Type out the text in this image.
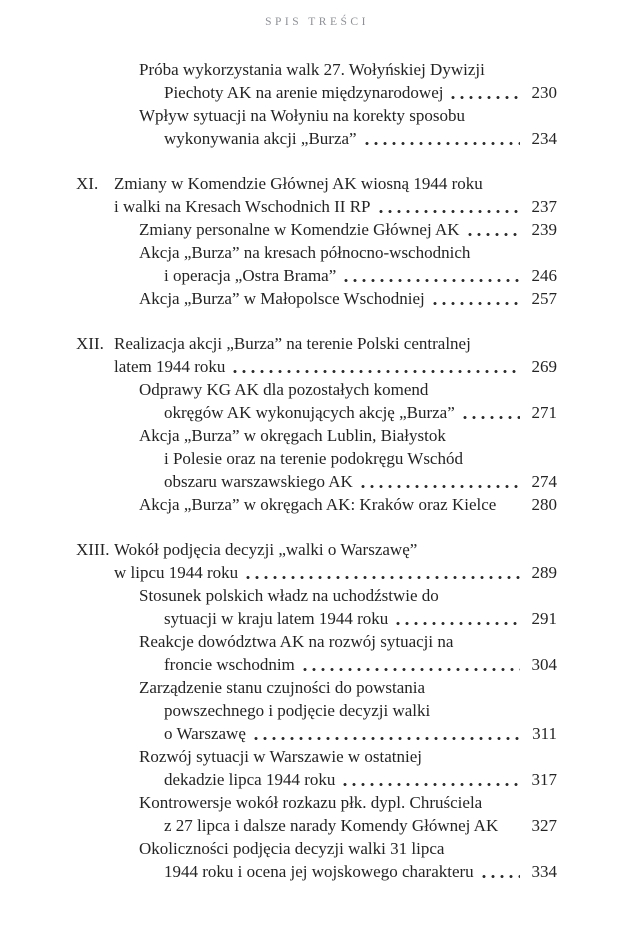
SPIS TREŚCI
Próba wykorzystania walk 27. Wołyńskiej Dywizji
Piechoty AK na arenie międzynarodowej	230
Wpływ sytuacji na Wołyniu na korekty sposobu
wykonywania akcji „Burza”	234
XI. Zmiany w Komendzie Głównej AK wiosną 1944 roku
i walki na Kresach Wschodnich II RP	237
Zmiany personalne w Komendzie Głównej AK	239
Akcja „Burza” na kresach północno-wschodnich
i operacja „Ostra Brama”	246
Akcja „Burza” w Małopolsce Wschodniej	257
XII. Realizacja akcji „Burza” na terenie Polski centralnej
latem 1944 roku	269
Odprawy KG AK dla pozostałych komend
okręgów AK wykonujących akcję „Burza”	271
Akcja „Burza” w okręgach Lublin, Białystok
i Polesie oraz na terenie podokręgu Wschód
obszaru warszawskiego AK	274
Akcja „Burza” w okręgach AK: Kraków oraz Kielce 280
XIII. Wokół podjęcia decyzji „walki o Warszawę”
w lipcu 1944 roku	289
Stosunek polskich władz na uchodźstwie do
sytuacji w kraju latem 1944 roku	291
Reakcje dowództwa AK na rozwój sytuacji na
froncie wschodnim	304
Zarządzenie stanu czujności do powstania
powszechnego i podjęcie decyzji walki
o Warszawę	311
Rozwój sytuacji w Warszawie w ostatniej
dekadzie lipca 1944 roku	317
Kontrowersje wokół rozkazu płk. dypl. Chruściela
z 27 lipca i dalsze narady Komendy Głównej AK 327
Okoliczności podjęcia decyzji walki 31 lipca
1944 roku i ocena jej wojskowego charakteru	334
